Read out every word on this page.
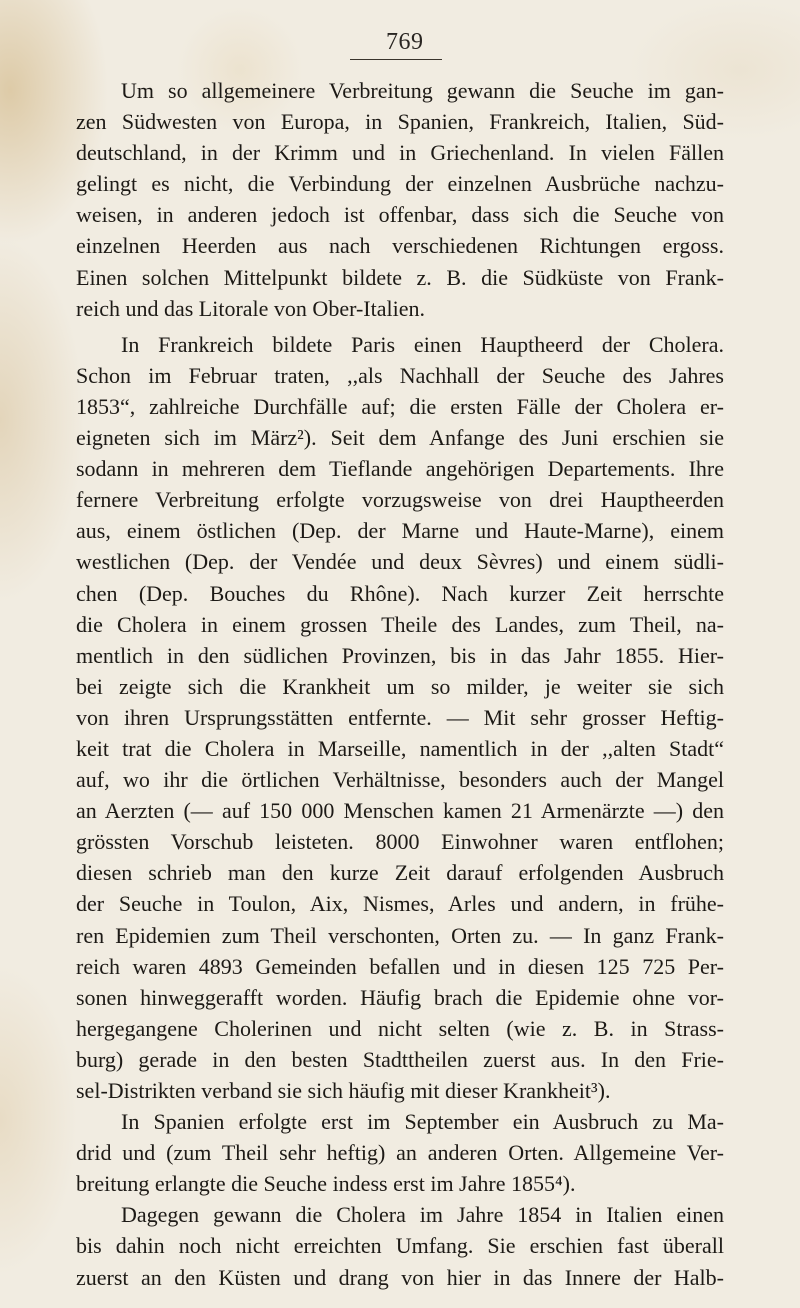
769
Um so allgemeinere Verbreitung gewann die Seuche im gan-
zen Südwesten von Europa, in Spanien, Frankreich, Italien, Süd-
deutschland, in der Krimm und in Griechenland. In vielen Fällen
gelingt es nicht, die Verbindung der einzelnen Ausbrüche nachzu-
weisen, in anderen jedoch ist offenbar, dass sich die Seuche von
einzelnen Heerden aus nach verschiedenen Richtungen ergoss.
Einen solchen Mittelpunkt bildete z. B. die Südküste von Frank-
reich und das Litorale von Ober-Italien.
In Frankreich bildete Paris einen Hauptheerd der Cholera.
Schon im Februar traten, ,,als Nachhall der Seuche des Jahres
1853“, zahlreiche Durchfälle auf; die ersten Fälle der Cholera er-
eigneten sich im März²). Seit dem Anfange des Juni erschien sie
sodann in mehreren dem Tieflande angehörigen Departements. Ihre
fernere Verbreitung erfolgte vorzugsweise von drei Hauptheerden
aus, einem östlichen (Dep. der Marne und Haute-Marne), einem
westlichen (Dep. der Vendée und deux Sèvres) und einem südli-
chen (Dep. Bouches du Rhône). Nach kurzer Zeit herrschte
die Cholera in einem grossen Theile des Landes, zum Theil, na-
mentlich in den südlichen Provinzen, bis in das Jahr 1855. Hier-
bei zeigte sich die Krankheit um so milder, je weiter sie sich
von ihren Ursprungsstätten entfernte. — Mit sehr grosser Heftig-
keit trat die Cholera in Marseille, namentlich in der ,,alten Stadt“
auf, wo ihr die örtlichen Verhältnisse, besonders auch der Mangel
an Aerzten (— auf 150 000 Menschen kamen 21 Armenärzte —) den
grössten Vorschub leisteten. 8000 Einwohner waren entflohen;
diesen schrieb man den kurze Zeit darauf erfolgenden Ausbruch
der Seuche in Toulon, Aix, Nismes, Arles und andern, in frühe-
ren Epidemien zum Theil verschonten, Orten zu. — In ganz Frank-
reich waren 4893 Gemeinden befallen und in diesen 125 725 Per-
sonen hinweggerafft worden. Häufig brach die Epidemie ohne vor-
hergegangene Cholerinen und nicht selten (wie z. B. in Strass-
burg) gerade in den besten Stadttheilen zuerst aus. In den Frie-
sel-Distrikten verband sie sich häufig mit dieser Krankheit³).
In Spanien erfolgte erst im September ein Ausbruch zu Ma-
drid und (zum Theil sehr heftig) an anderen Orten. Allgemeine Ver-
breitung erlangte die Seuche indess erst im Jahre 1855⁴).
Dagegen gewann die Cholera im Jahre 1854 in Italien einen
bis dahin noch nicht erreichten Umfang. Sie erschien fast überall
zuerst an den Küsten und drang von hier in das Innere der Halb-
